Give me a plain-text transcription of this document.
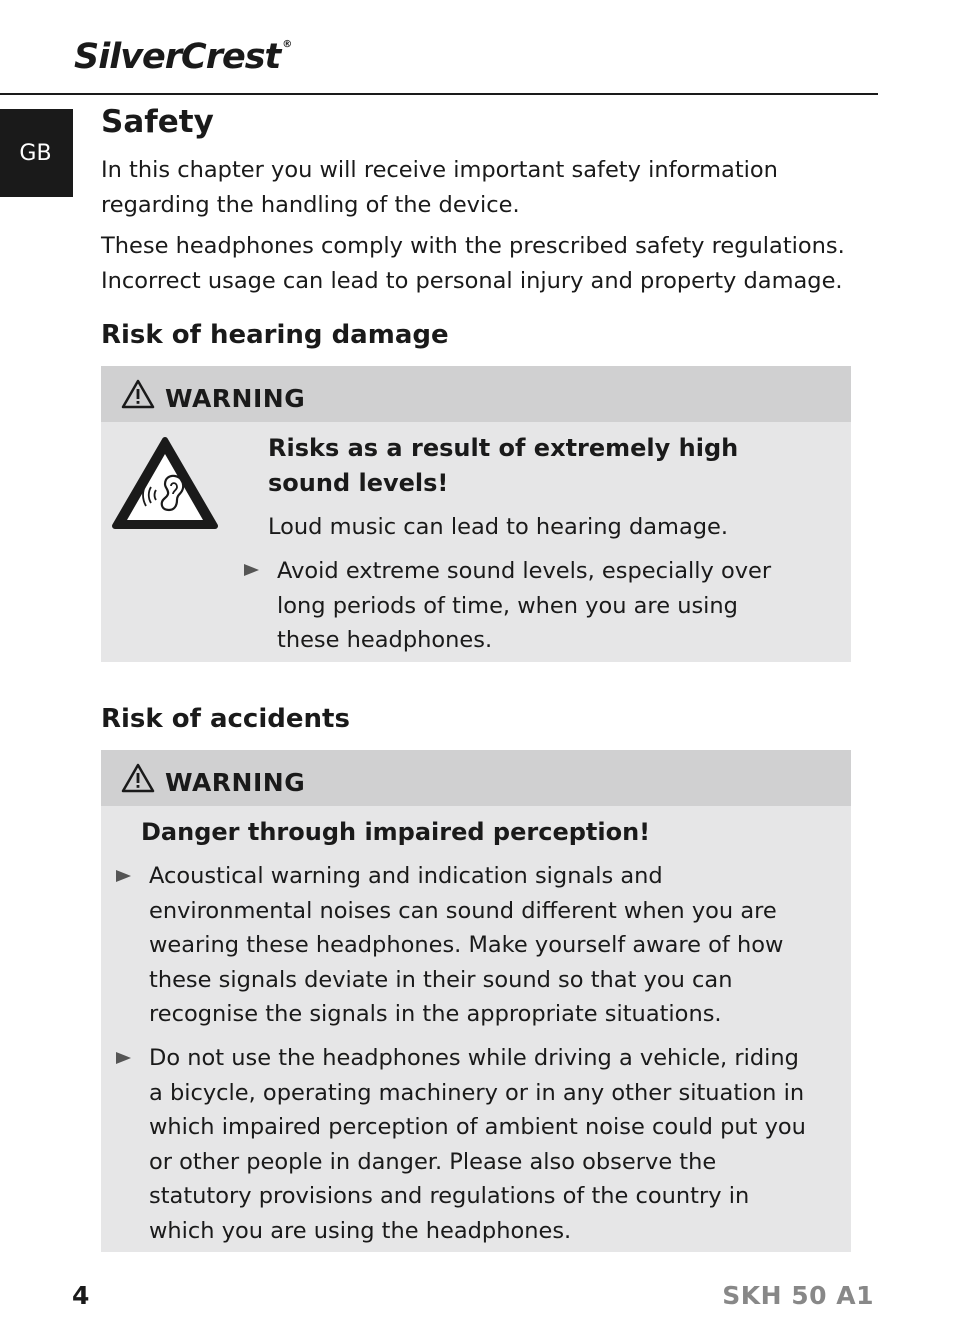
SilverCrest ®
GB
Safety

In this chapter you will receive important safety information regarding the handling of the device.

These headphones comply with the prescribed safety regulations. Incorrect usage can lead to personal injury and property damage.

Risk of hearing damage
WARNING

Risks as a result of extremely high sound levels!

Loud music can lead to hearing damage.

Avoid extreme sound levels, especially over long periods of time, when you are using these headphones.

Risk of accidents
WARNING

Danger through impaired perception!

Acoustical warning and indication signals and environmental noises can sound different when you are wearing these headphones. Make yourself aware of how these signals deviate in their sound so that you can recognise the signals in the appropriate situations.

Do not use the headphones while driving a vehicle, riding a bicycle, operating machinery or in any other situation in which impaired perception of ambient noise could put you or other people in danger. Please also observe the statutory provisions and regulations of the country in which you are using the headphones.

4	SKH 50 A1
